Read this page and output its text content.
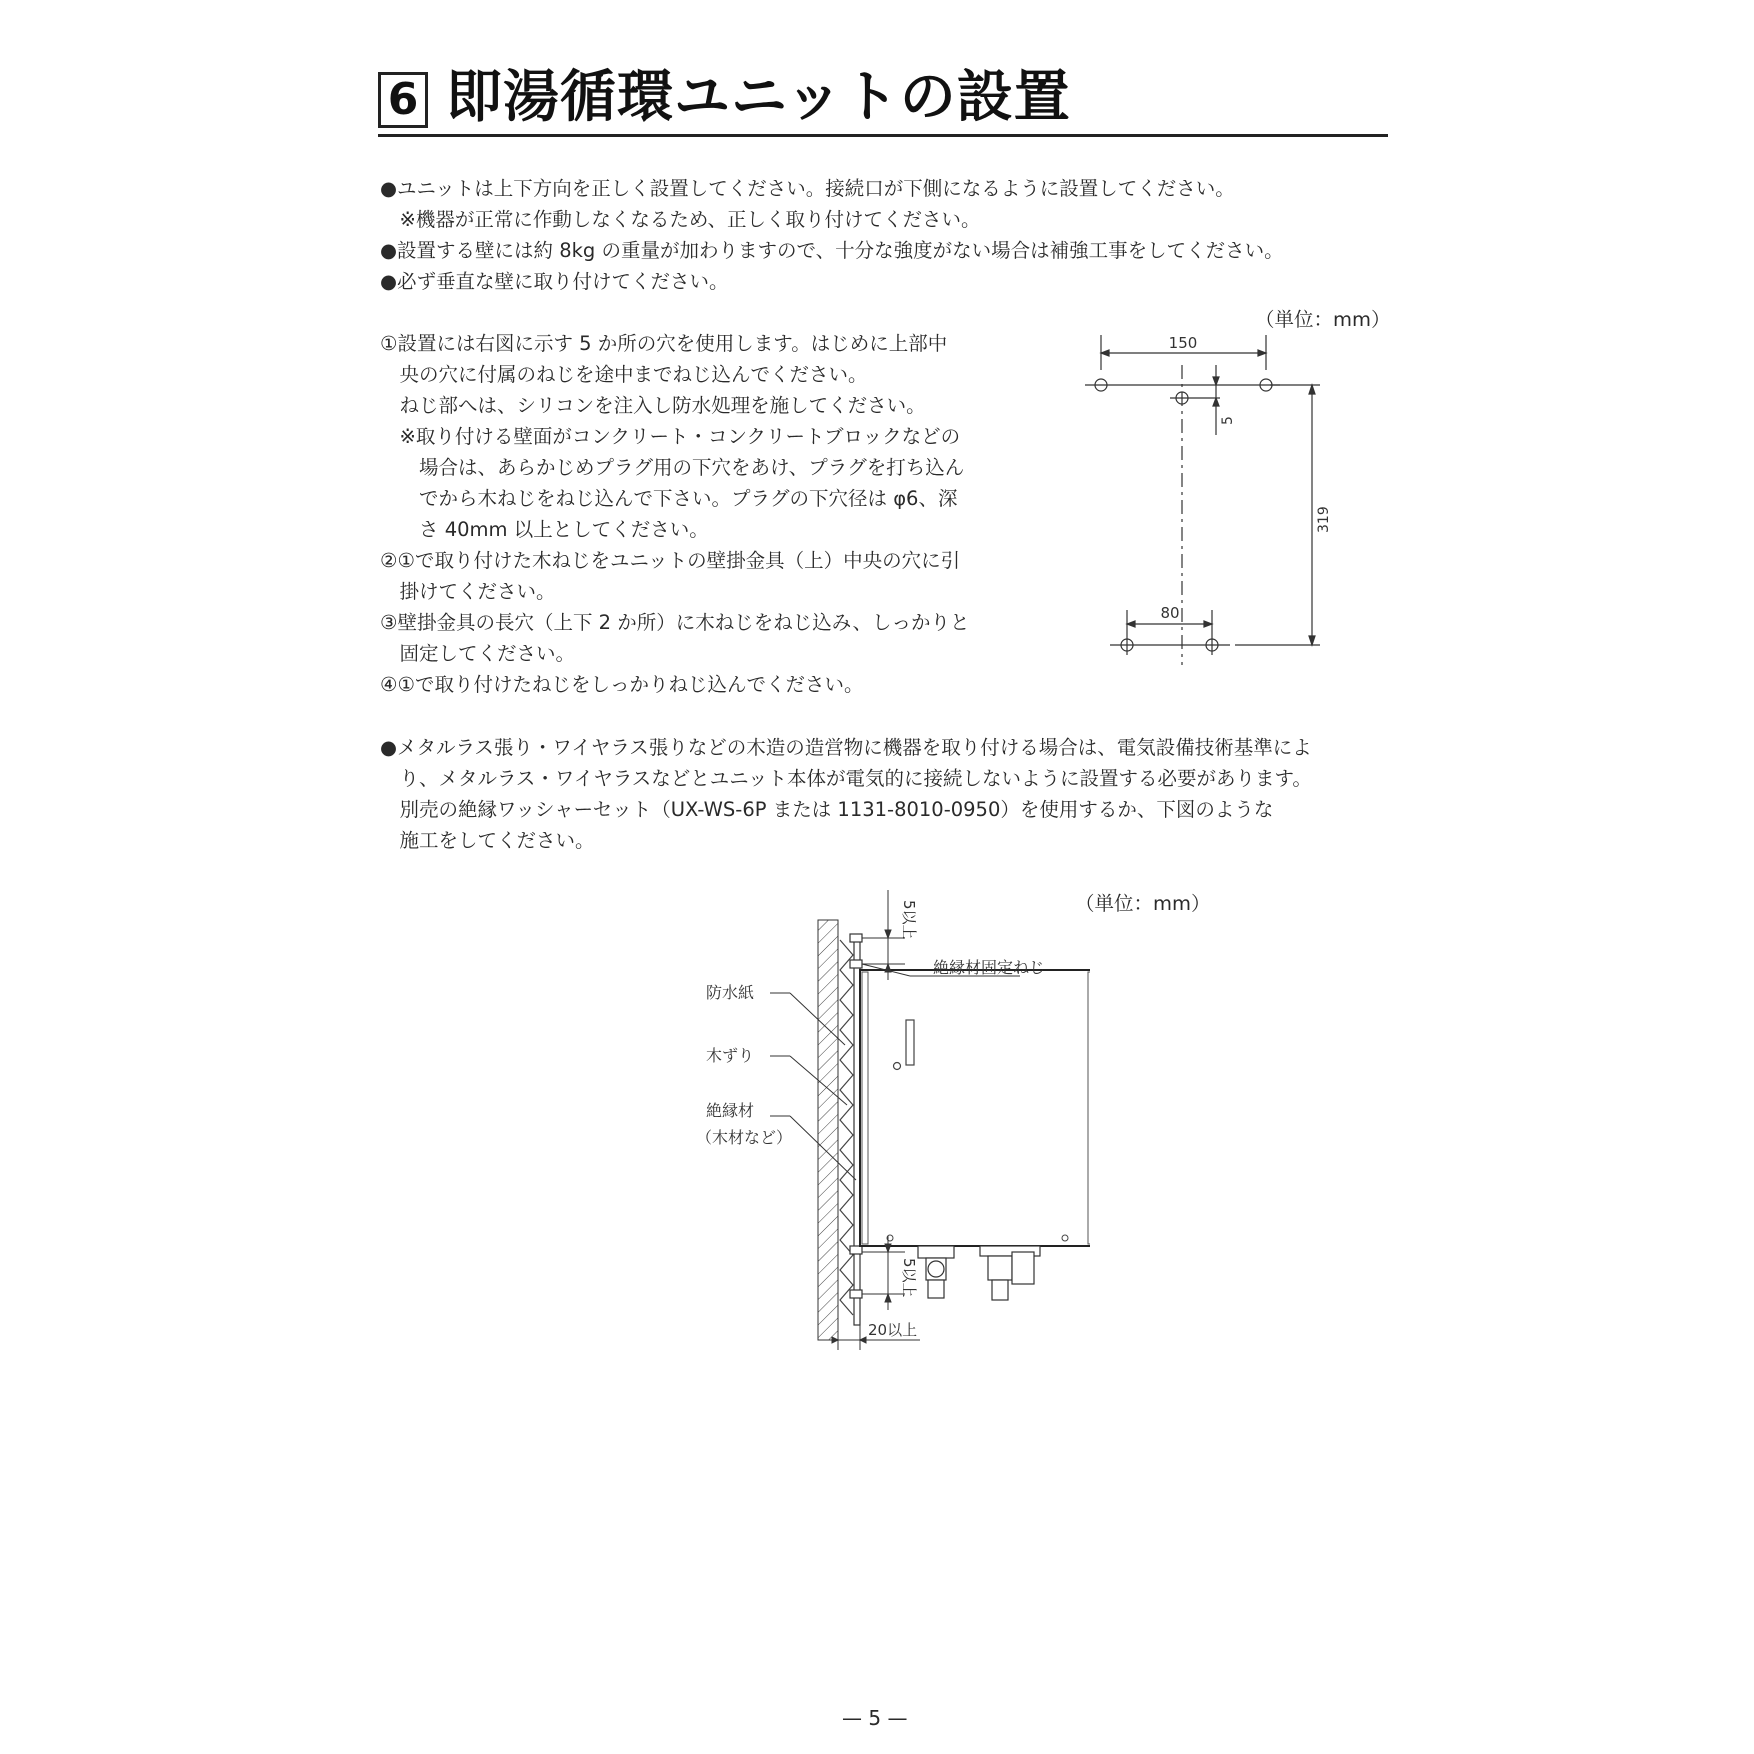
6 即湯循環ユニットの設置
●ユニットは上下方向を正しく設置してください。接続口が下側になるように設置してください。
　※機器が正常に作動しなくなるため、正しく取り付けてください。
●設置する壁には約 8kg の重量が加わりますので、十分な強度がない場合は補強工事をしてください。
●必ず垂直な壁に取り付けてください。
（単位：mm）
①設置には右図に示す 5 か所の穴を使用します。はじめに上部中
　央の穴に付属のねじを途中までねじ込んでください。
　ねじ部へは、シリコンを注入し防水処理を施してください。
　※取り付ける壁面がコンクリート・コンクリートブロックなどの
　　場合は、あらかじめプラグ用の下穴をあけ、プラグを打ち込ん
　　でから木ねじをねじ込んで下さい。プラグの下穴径は φ6、深
　　さ 40mm 以上としてください。
②①で取り付けた木ねじをユニットの壁掛金具（上）中央の穴に引
　掛けてください。
③壁掛金具の長穴（上下 2 か所）に木ねじをねじ込み、しっかりと
　固定してください。
④①で取り付けたねじをしっかりねじ込んでください。
150
5
319
80
●メタルラス張り・ワイヤラス張りなどの木造の造営物に機器を取り付ける場合は、電気設備技術基準によ
　り、メタルラス・ワイヤラスなどとユニット本体が電気的に接続しないように設置する必要があります。
　別売の絶縁ワッシャーセット（UX-WS-6P または 1131-8010-0950）を使用するか、下図のような
　施工をしてください。
（単位：mm）
5以上
絶縁材固定ねじ
防水紙
木ずり
絶縁材
（木材など）
5以上
20以上
— 5 —
